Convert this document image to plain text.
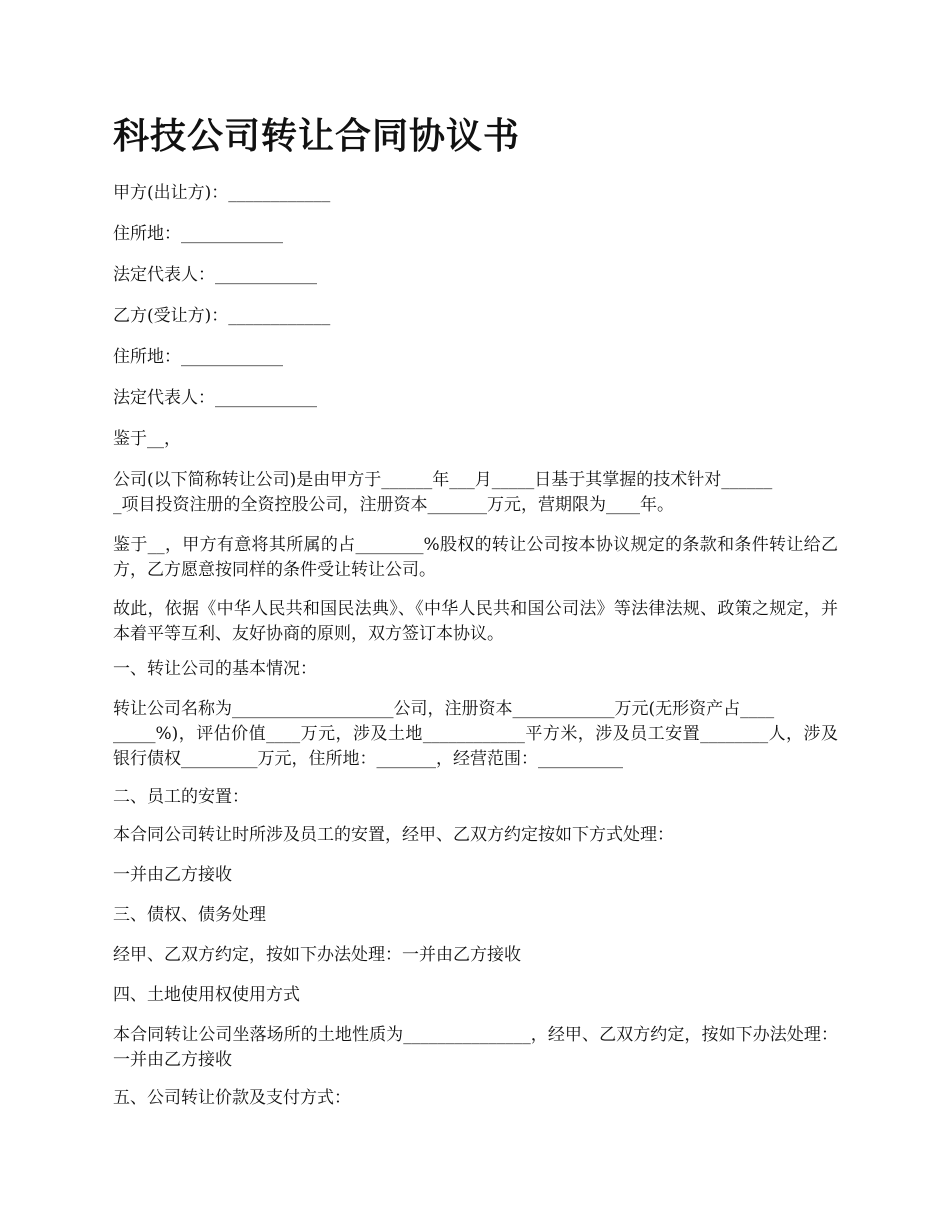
科技公司转让合同协议书

甲方(出让方)：____________

住所地：____________

法定代表人：____________

乙方(受让方)：____________

住所地：____________

法定代表人：____________

鉴于__，

公司(以下简称转让公司)是由甲方于______年___月_____日基于其掌握的技术针对______
_项目投资注册的全资控股公司，注册资本_______万元，营期限为____年。

鉴于__，甲方有意将其所属的占________%股权的转让公司按本协议规定的条款和条件转让给乙方，乙方愿意按同样的条件受让转让公司。

故此，依据《中华人民共和国民法典》、《中华人民共和国公司法》等法律法规、政策之规定，并本着平等互利、友好协商的原则，双方签订本协议。

一、转让公司的基本情况：

转让公司名称为___________________公司，注册资本____________万元(无形资产占____
_____%)，评估价值____万元，涉及土地____________平方米，涉及员工安置________人，涉及银行债权_________万元，住所地：_______，经营范围：__________

二、员工的安置：

本合同公司转让时所涉及员工的安置，经甲、乙双方约定按如下方式处理：

一并由乙方接收

三、债权、债务处理

经甲、乙双方约定，按如下办法处理：一并由乙方接收

四、土地使用权使用方式

本合同转让公司坐落场所的土地性质为_______________，经甲、乙双方约定，按如下办法处理：一并由乙方接收

五、公司转让价款及支付方式：
